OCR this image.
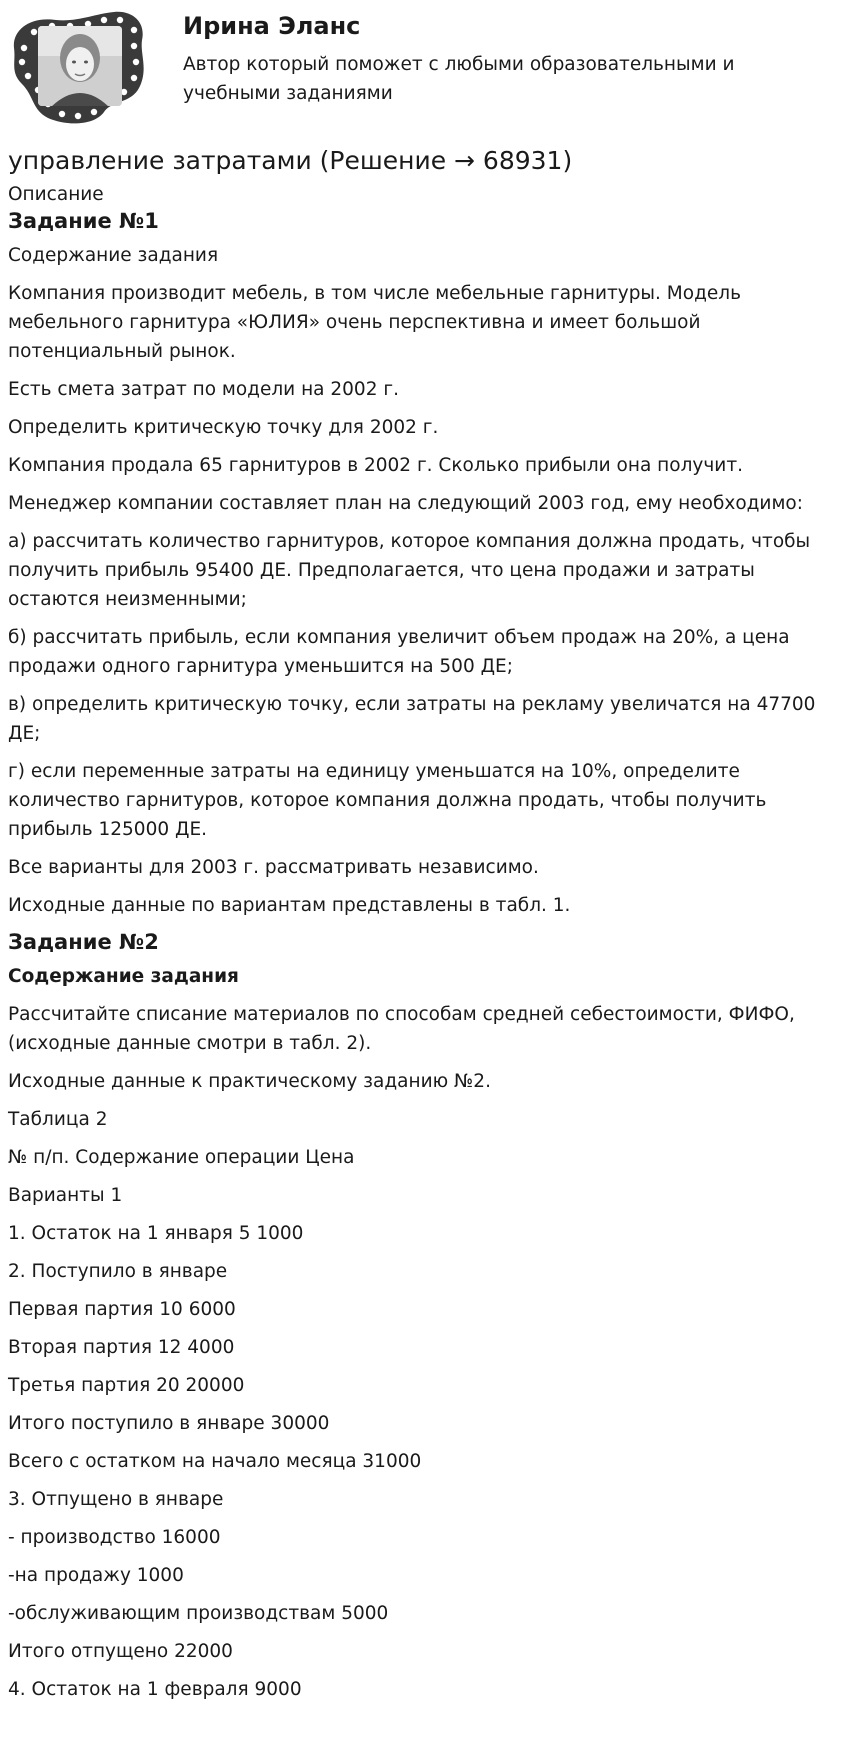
Ирина Эланс

Автор который поможет с любыми образовательными и учебными заданиями

управление затратами (Решение → 68931)
Описание
Задание №1

Содержание задания

Компания производит мебель, в том числе мебельные гарнитуры. Модель мебельного гарнитура «ЮЛИЯ» очень перспективна и имеет большой потенциальный рынок.

Есть смета затрат по модели на 2002 г.

Определить критическую точку для 2002 г.

Компания продала 65 гарнитуров в 2002 г. Сколько прибыли она получит.

Менеджер компании составляет план на следующий 2003 год, ему необходимо:

а) рассчитать количество гарнитуров, которое компания должна продать, чтобы получить прибыль 95400 ДЕ. Предполагается, что цена продажи и затраты остаются неизменными;

б) рассчитать прибыль, если компания увеличит объем продаж на 20%, а цена продажи одного гарнитура уменьшится на 500 ДЕ;

в) определить критическую точку, если затраты на рекламу увеличатся на 47700 ДЕ;

г) если переменные затраты на единицу уменьшатся на 10%, определите количество гарнитуров, которое компания должна продать, чтобы получить прибыль 125000 ДЕ.

Все варианты для 2003 г. рассматривать независимо.

Исходные данные по вариантам представлены в табл. 1.

Задание №2

Содержание задания

Рассчитайте списание материалов по способам средней себестоимости, ФИФО, (исходные данные смотри в табл. 2).

Исходные данные к практическому заданию №2.

Таблица 2

№ п/п. Содержание операции Цена

Варианты 1

1. Остаток на 1 января 5 1000

2. Поступило в январе

Первая партия 10 6000

Вторая партия 12 4000

Третья партия 20 20000

Итого поступило в январе 30000

Всего с остатком на начало месяца 31000

3. Отпущено в январе

- производство 16000

-на продажу 1000

-обслуживающим производствам 5000

Итого отпущено 22000

4. Остаток на 1 февраля 9000
